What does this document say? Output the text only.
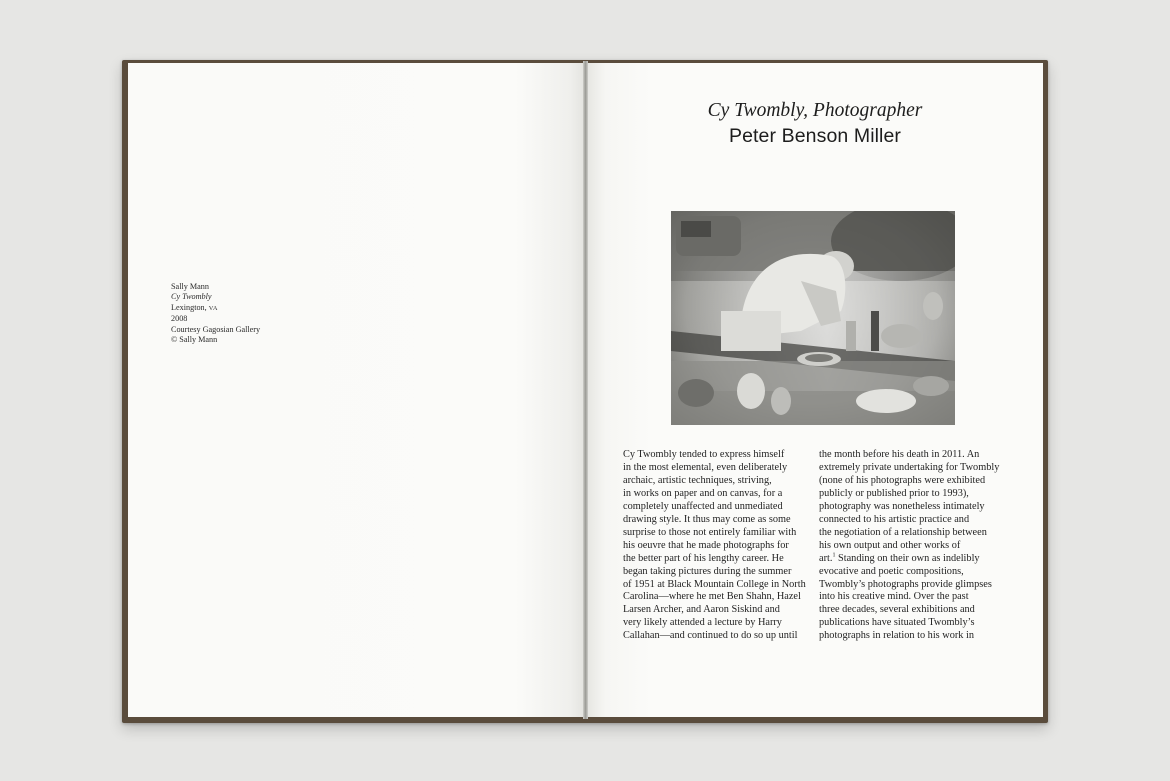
Sally Mann
Cy Twombly
Lexington, VA
2008
Courtesy Gagosian Gallery
© Sally Mann
Cy Twombly, Photographer
Peter Benson Miller
Cy Twombly tended to express himself
in the most elemental, even deliberately
archaic, artistic techniques, striving,
in works on paper and on canvas, for a
completely unaffected and unmediated
drawing style. It thus may come as some
surprise to those not entirely familiar with
his oeuvre that he made photographs for
the better part of his lengthy career. He
began taking pictures during the summer
of 1951 at Black Mountain College in North
Carolina—where he met Ben Shahn, Hazel
Larsen Archer, and Aaron Siskind and
very likely attended a lecture by Harry
Callahan—and continued to do so up until
the month before his death in 2011. An
extremely private undertaking for Twombly
(none of his photographs were exhibited
publicly or published prior to 1993),
photography was nonetheless intimately
connected to his artistic practice and
the negotiation of a relationship between
his own output and other works of
art.$^1$ Standing on their own as indelibly
evocative and poetic compositions,
Twombly’s photographs provide glimpses
into his creative mind. Over the past
three decades, several exhibitions and
publications have situated Twombly’s
photographs in relation to his work in
